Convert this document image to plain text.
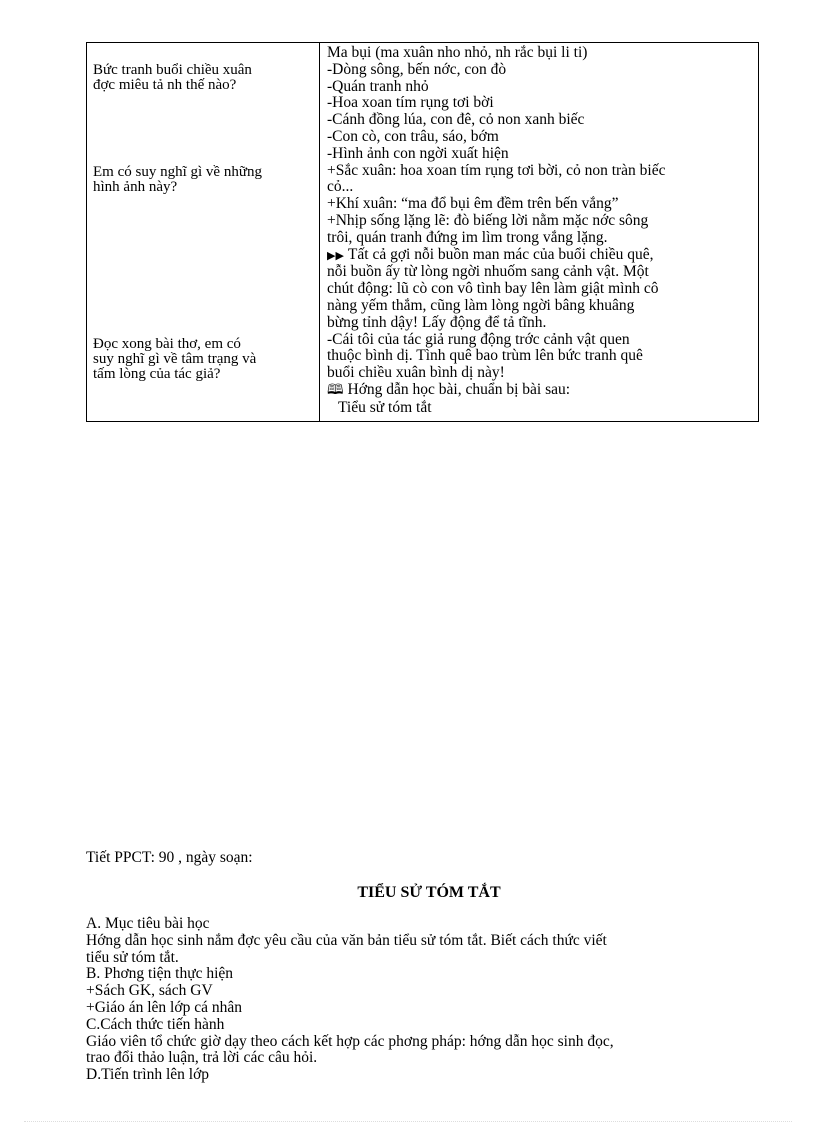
Bức tranh buổi chiều xuân
đợc miêu tả nh thế nào?
Em có suy nghĩ gì về những
hình ảnh này?
Đọc xong bài thơ, em có
suy nghĩ gì về tâm trạng và
tấm lòng của tác giả?
Ma bụi (ma xuân nho nhỏ, nh rắc bụi li ti)
-Dòng sông, bến nớc, con đò
-Quán tranh nhỏ
-Hoa xoan tím rụng tơi bời
-Cánh đồng lúa, con đê, cỏ non xanh biếc
-Con cò, con trâu, sáo, bớm
-Hình ảnh con ngời xuất hiện
+Sắc xuân: hoa xoan tím rụng tơi bời, cỏ non tràn biếc
cỏ...
+Khí xuân: “ma đổ bụi êm đềm trên bến vắng”
+Nhịp sống lặng lẽ: đò biếng lời nằm mặc nớc sông
trôi, quán tranh đứng im lìm trong vắng lặng.
▶▶ Tất cả gợi nỗi buồn man mác của buổi chiều quê,
nỗi buồn ấy từ lòng ngời nhuốm sang cảnh vật. Một
chút động: lũ cò con vô tình bay lên làm giật mình cô
nàng yếm thắm, cũng làm lòng ngời bâng khuâng
bừng tỉnh dậy! Lấy động để tả tĩnh.
-Cái tôi của tác giả rung động trớc cảnh vật quen
thuộc bình dị. Tình quê bao trùm lên bức tranh quê
buổi chiều xuân bình dị này!
🕮 Hớng dẫn học bài, chuẩn bị bài sau:
Tiểu sử tóm tắt
Tiết PPCT: 90 , ngày soạn:
TIỂU SỬ TÓM TẮT
A. Mục tiêu bài học
Hớng dẫn học sinh nắm đợc yêu cầu của văn bản tiểu sử tóm tắt. Biết cách thức viết
tiểu sử tóm tắt.
B. Phơng tiện thực hiện
+Sách GK, sách GV
+Giáo án lên lớp cá nhân
C.Cách thức tiến hành
Giáo viên tổ chức giờ dạy theo cách kết hợp các phơng pháp: hớng dẫn học sinh đọc,
trao đổi thảo luận, trả lời các câu hỏi.
D.Tiến trình lên lớp
